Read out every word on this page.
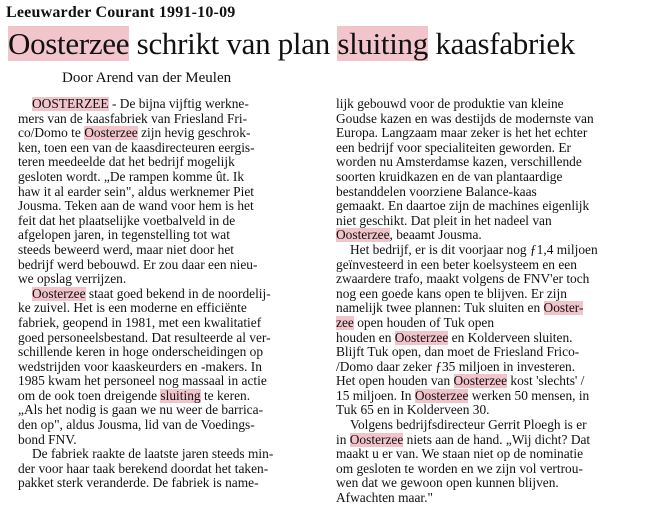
Leeuwarder Courant 1991-10-09
Oosterzee schrikt van plan sluiting kaasfabriek
Door Arend van der Meulen
OOSTERZEE - De bijna vijftig werkne-
mers van de kaasfabriek van Friesland Fri-
co/Domo te Oosterzee zijn hevig geschrok-
ken, toen een van de kaasdirecteuren eergis-
teren meedeelde dat het bedrijf mogelijk
gesloten wordt. „De rampen komme ût. Ik
haw it al earder sein", aldus werknemer Piet
Jousma. Teken aan de wand voor hem is het
feit dat het plaatselijke voetbalveld in de
afgelopen jaren, in tegenstelling tot wat
steeds beweerd werd, maar niet door het
bedrijf werd bebouwd. Er zou daar een nieu-
we opslag verrijzen.
Oosterzee staat goed bekend in de noordelij-
ke zuivel. Het is een moderne en efficiënte
fabriek, geopend in 1981, met een kwalitatief
goed personeelsbestand. Dat resulteerde al ver-
schillende keren in hoge onderscheidingen op
wedstrijden voor kaaskeurders en -makers. In
1985 kwam het personeel nog massaal in actie
om de ook toen dreigende sluiting te keren.
„Als het nodig is gaan we nu weer de barrica-
den op", aldus Jousma, lid van de Voedings-
bond FNV.
De fabriek raakte de laatste jaren steeds min-
der voor haar taak berekend doordat het taken-
pakket sterk veranderde. De fabriek is name-
lijk gebouwd voor de produktie van kleine
Goudse kazen en was destijds de modernste van
Europa. Langzaam maar zeker is het het echter
een bedrijf voor specialiteiten geworden. Er
worden nu Amsterdamse kazen, verschillende
soorten kruidkazen en de van plantaardige
bestanddelen voorziene Balance-kaas
gemaakt. En daartoe zijn de machines eigenlijk
niet geschikt. Dat pleit in het nadeel van
Oosterzee, beaamt Jousma.
Het bedrijf, er is dit voorjaar nog ƒ1,4 miljoen
geïnvesteerd in een beter koelsysteem en een
zwaardere trafo, maakt volgens de FNV'er toch
nog een goede kans open te blijven. Er zijn
namelijk twee plannen: Tuk sluiten en Ooster-
zee open houden of Tuk open
houden en Oosterzee en Kolderveen sluiten.
Blijft Tuk open, dan moet de Friesland Frico-
/Domo daar zeker ƒ35 miljoen in investeren.
Het open houden van Oosterzee kost 'slechts' /
15 miljoen. In Oosterzee werken 50 mensen, in
Tuk 65 en in Kolderveen 30.
Volgens bedrijfsdirecteur Gerrit Ploegh is er
in Oosterzee niets aan de hand. „Wij dicht? Dat
maakt u er van. We staan niet op de nominatie
om gesloten te worden en we zijn vol vertrou-
wen dat we gewoon open kunnen blijven.
Afwachten maar."
